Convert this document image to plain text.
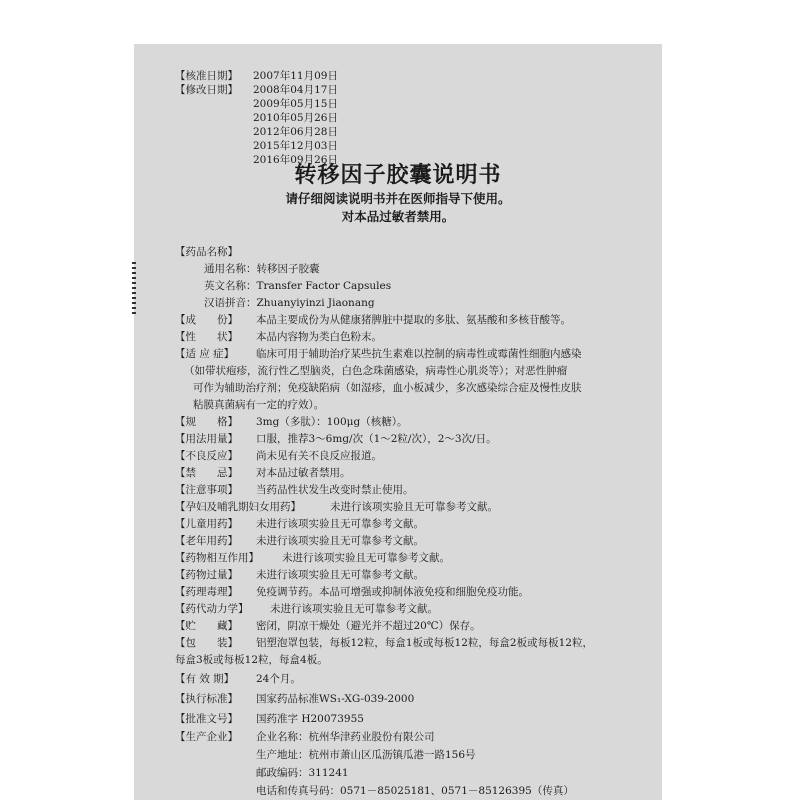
【核准日期】 2007年11月09日
【修改日期】 2008年04月17日
2009年05月15日
2010年05月26日
2012年06月28日
2015年12月03日
2016年09月26日
转移因子胶囊说明书
请仔细阅读说明书并在医师指导下使用。
对本品过敏者禁用。
【药品名称】
通用名称：转移因子胶囊
英文名称：Transfer Factor Capsules
汉语拼音：Zhuanyiyinzi Jiaonang
【成　　份】 本品主要成份为从健康猪脾脏中提取的多肽、氨基酸和多核苷酸等。
【性　　状】 本品内容物为类白色粉末。
【适 应 症】 临床可用于辅助治疗某些抗生素难以控制的病毒性或霉菌性细胞内感染
（如带状疱疹，流行性乙型脑炎，白色念珠菌感染，病毒性心肌炎等）；对恶性肿瘤
可作为辅助治疗剂；免疫缺陷病（如湿疹，血小板减少，多次感染综合症及慢性皮肤
粘膜真菌病有一定的疗效）。
【规　　格】 3mg（多肽）：100μg（核糖）。
【用法用量】 口服，推荐3～6mg/次（1～2粒/次），2～3次/日。
【不良反应】 尚未见有关不良反应报道。
【禁　　忌】 对本品过敏者禁用。
【注意事项】 当药品性状发生改变时禁止使用。
【孕妇及哺乳期妇女用药】	未进行该项实验且无可靠参考文献。
【儿童用药】 未进行该项实验且无可靠参考文献。
【老年用药】 未进行该项实验且无可靠参考文献。
【药物相互作用】 未进行该项实验且无可靠参考文献。
【药物过量】 未进行该项实验且无可靠参考文献。
【药理毒理】 免疫调节药。本品可增强或抑制体液免疫和细胞免疫功能。
【药代动力学】 未进行该项实验且无可靠参考文献。
【贮　　藏】 密闭，阴凉干燥处（避光并不超过20℃）保存。
【包　　装】 铝塑泡罩包装，每板12粒，每盒1板或每板12粒，每盒2板或每板12粒，
每盒3板或每板12粒，每盒4板。
【有 效 期】 24个月。
【执行标准】 国家药品标准WS₁-XG-039-2000
【批准文号】 国药准字 H20073955
【生产企业】 企业名称：杭州华津药业股份有限公司
生产地址：杭州市萧山区瓜沥镇瓜港一路156号
邮政编码：311241
电话和传真号码：0571－85025181、0571－85126395（传真）
